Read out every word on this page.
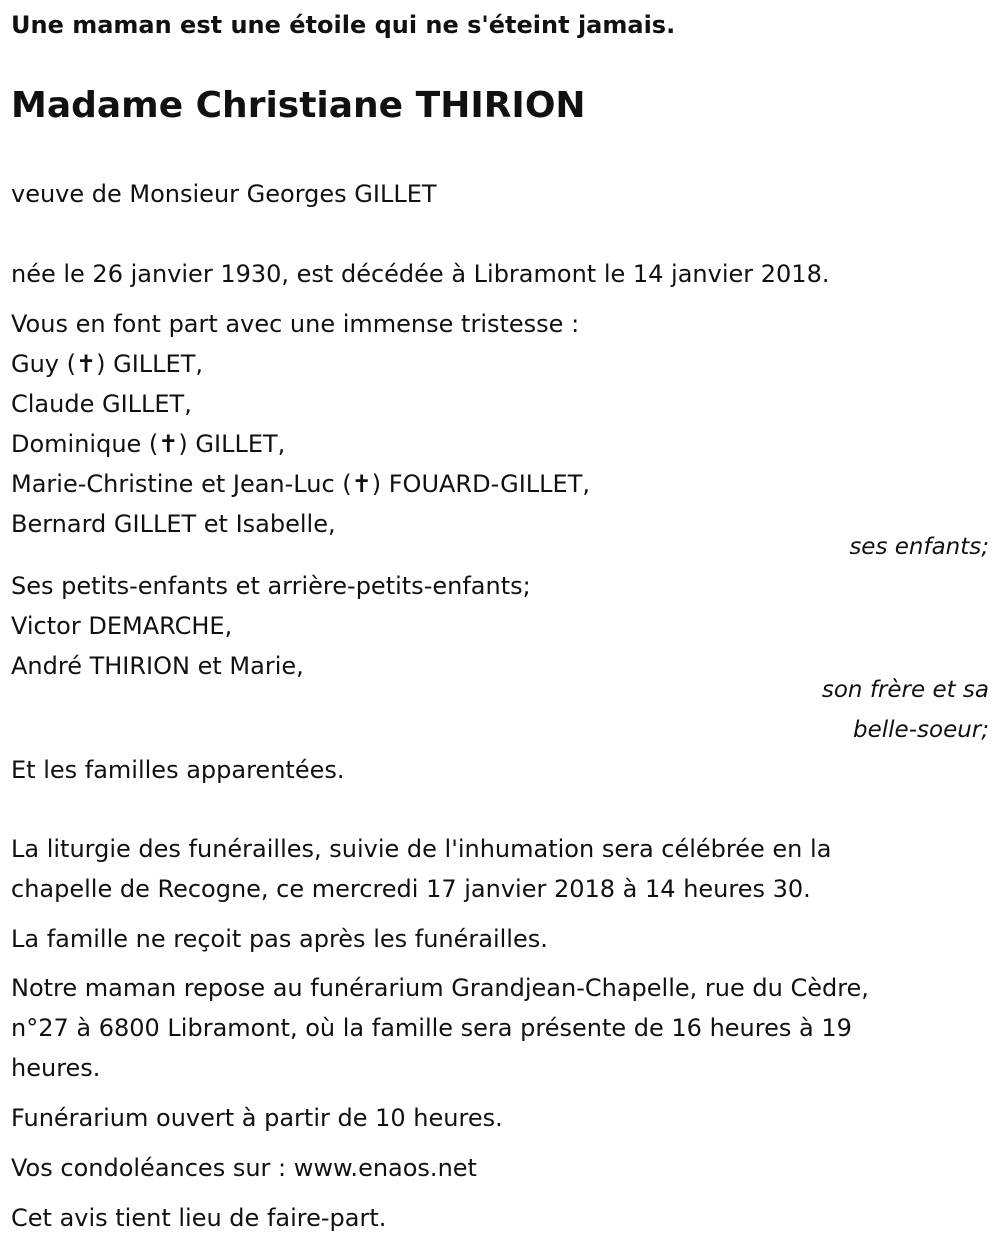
Une maman est une étoile qui ne s'éteint jamais.
Madame Christiane THIRION
veuve de Monsieur Georges GILLET
née le 26 janvier 1930, est décédée à Libramont le 14 janvier 2018.
Vous en font part avec une immense tristesse :
Guy (✝) GILLET,
Claude GILLET,
Dominique (✝) GILLET,
Marie-Christine et Jean-Luc (✝) FOUARD-GILLET,
Bernard GILLET et Isabelle,
ses enfants;
Ses petits-enfants et arrière-petits-enfants;
Victor DEMARCHE,
André THIRION et Marie,
son frère et sa
belle-soeur;
Et les familles apparentées.
La liturgie des funérailles, suivie de l'inhumation sera célébrée en la
chapelle de Recogne, ce mercredi 17 janvier 2018 à 14 heures 30.
La famille ne reçoit pas après les funérailles.
Notre maman repose au funérarium Grandjean-Chapelle, rue du Cèdre,
n°27 à 6800 Libramont, où la famille sera présente de 16 heures à 19
heures.
Funérarium ouvert à partir de 10 heures.
Vos condoléances sur : www.enaos.net
Cet avis tient lieu de faire-part.
